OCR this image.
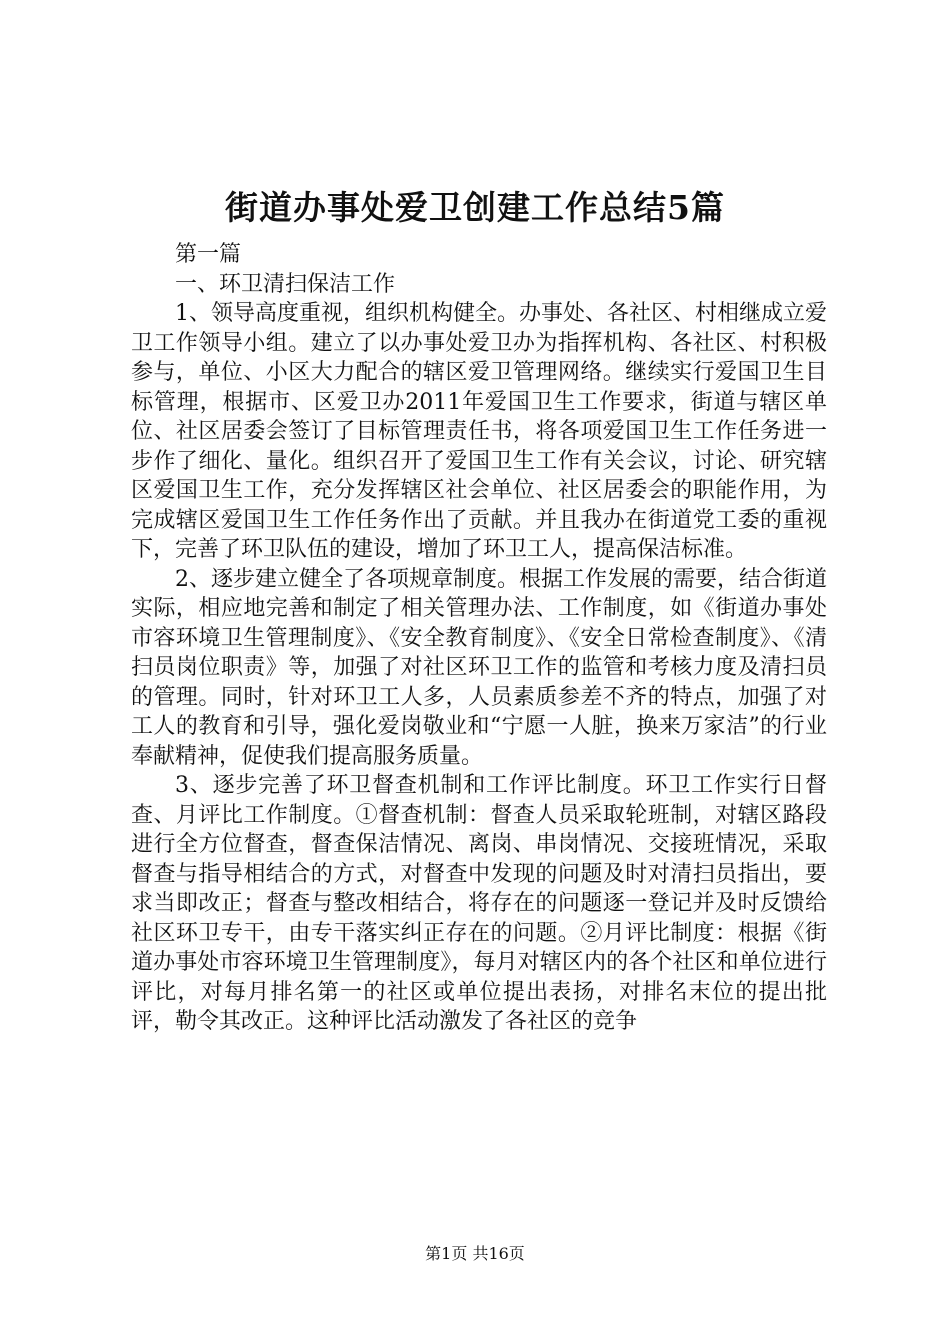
街道办事处爱卫创建工作总结5篇

第一篇

一、环卫清扫保洁工作

1、领导高度重视，组织机构健全。办事处、各社区、村相继成立爱卫工作领导小组。建立了以办事处爱卫办为指挥机构、各社区、村积极参与，单位、小区大力配合的辖区爱卫管理网络。继续实行爱国卫生目标管理，根据市、区爱卫办2011年爱国卫生工作要求，街道与辖区单位、社区居委会签订了目标管理责任书，将各项爱国卫生工作任务进一步作了细化、量化。组织召开了爱国卫生工作有关会议，讨论、研究辖区爱国卫生工作，充分发挥辖区社会单位、社区居委会的职能作用，为完成辖区爱国卫生工作任务作出了贡献。并且我办在街道党工委的重视下，完善了环卫队伍的建设，增加了环卫工人，提高保洁标准。

2、逐步建立健全了各项规章制度。根据工作发展的需要，结合街道实际，相应地完善和制定了相关管理办法、工作制度，如《街道办事处市容环境卫生管理制度》、《安全教育制度》、《安全日常检查制度》、《清扫员岗位职责》等，加强了对社区环卫工作的监管和考核力度及清扫员的管理。同时，针对环卫工人多，人员素质参差不齐的特点，加强了对工人的教育和引导，强化爱岗敬业和“宁愿一人脏，换来万家洁”的行业奉献精神，促使我们提高服务质量。

3、逐步完善了环卫督查机制和工作评比制度。环卫工作实行日督查、月评比工作制度。①督查机制：督查人员采取轮班制，对辖区路段进行全方位督查，督查保洁情况、离岗、串岗情况、交接班情况，采取督查与指导相结合的方式，对督查中发现的问题及时对清扫员指出，要求当即改正；督查与整改相结合，将存在的问题逐一登记并及时反馈给社区环卫专干，由专干落实纠正存在的问题。②月评比制度：根据《街道办事处市容环境卫生管理制度》，每月对辖区内的各个社区和单位进行评比，对每月排名第一的社区或单位提出表扬，对排名末位的提出批评，勒令其改正。这种评比活动激发了各社区的竞争

第1页 共16页
